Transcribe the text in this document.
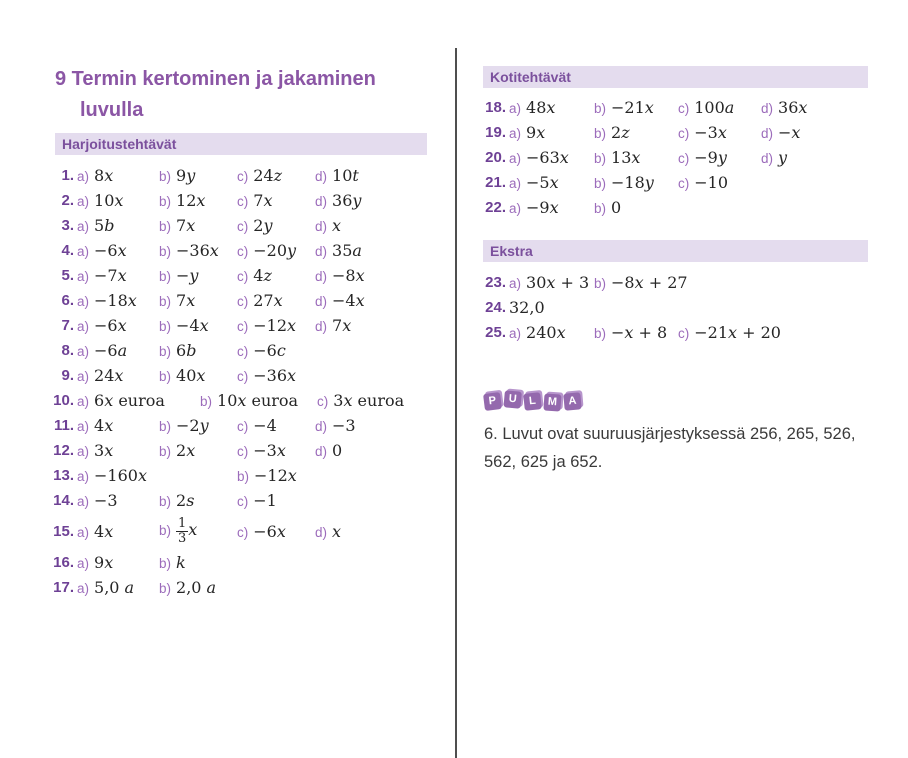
9 Termin kertominen ja jakaminen
luvulla
Harjoitustehtävät
1. a) 8x	b) 9y	c) 24z	d) 10t
2. a) 10x	b) 12x	c) 7x	d) 36y
3. a) 5b	b) 7x	c) 2y	d) x
4. a) −6x	b) −36x	c) −20y	d) 35a
5. a) −7x	b) −y	c) 4z	d) −8x
6. a) −18x	b) 7x	c) 27x	d) −4x
7. a) −6x	b) −4x	c) −12x	d) 7x
8. a) −6a	b) 6b	c) −6c
9. a) 24x	b) 40x	c) −36x
10. a) 6x euroa	b) 10x euroa	c) 3x euroa
11. a) 4x	b) −2y	c) −4	d) −3
12. a) 3x	b) 2x	c) −3x	d) 0
13. a) −160x	b) −12x
14. a) −3	b) 2s	c) −1
15. a) 4x	$b) \frac{1}{3}$ x	c) −6x	d) x
16. a) 9x	b) k
17. a) 5,0 a	b) 2,0 a
Kotitehtävät
18. a) 48x	b) −21x	c) 100a	d) 36x
19. a) 9x	b) 2z	c) −3x	d) −x
20. a) −63x	b) 13x	c) −9y	d) y
21. a) −5x	b) −18y	c) −10
22. a) −9x	b) 0
Ekstra
23. a) 30x + 3 b) −8x + 27
24. 32,0
25. a) 240x	b) −x + 8 c) −21x + 20
P U L M A
6. Luvut ovat suuruusjärjestyksessä 256, 265, 526, 562, 625 ja 652.
